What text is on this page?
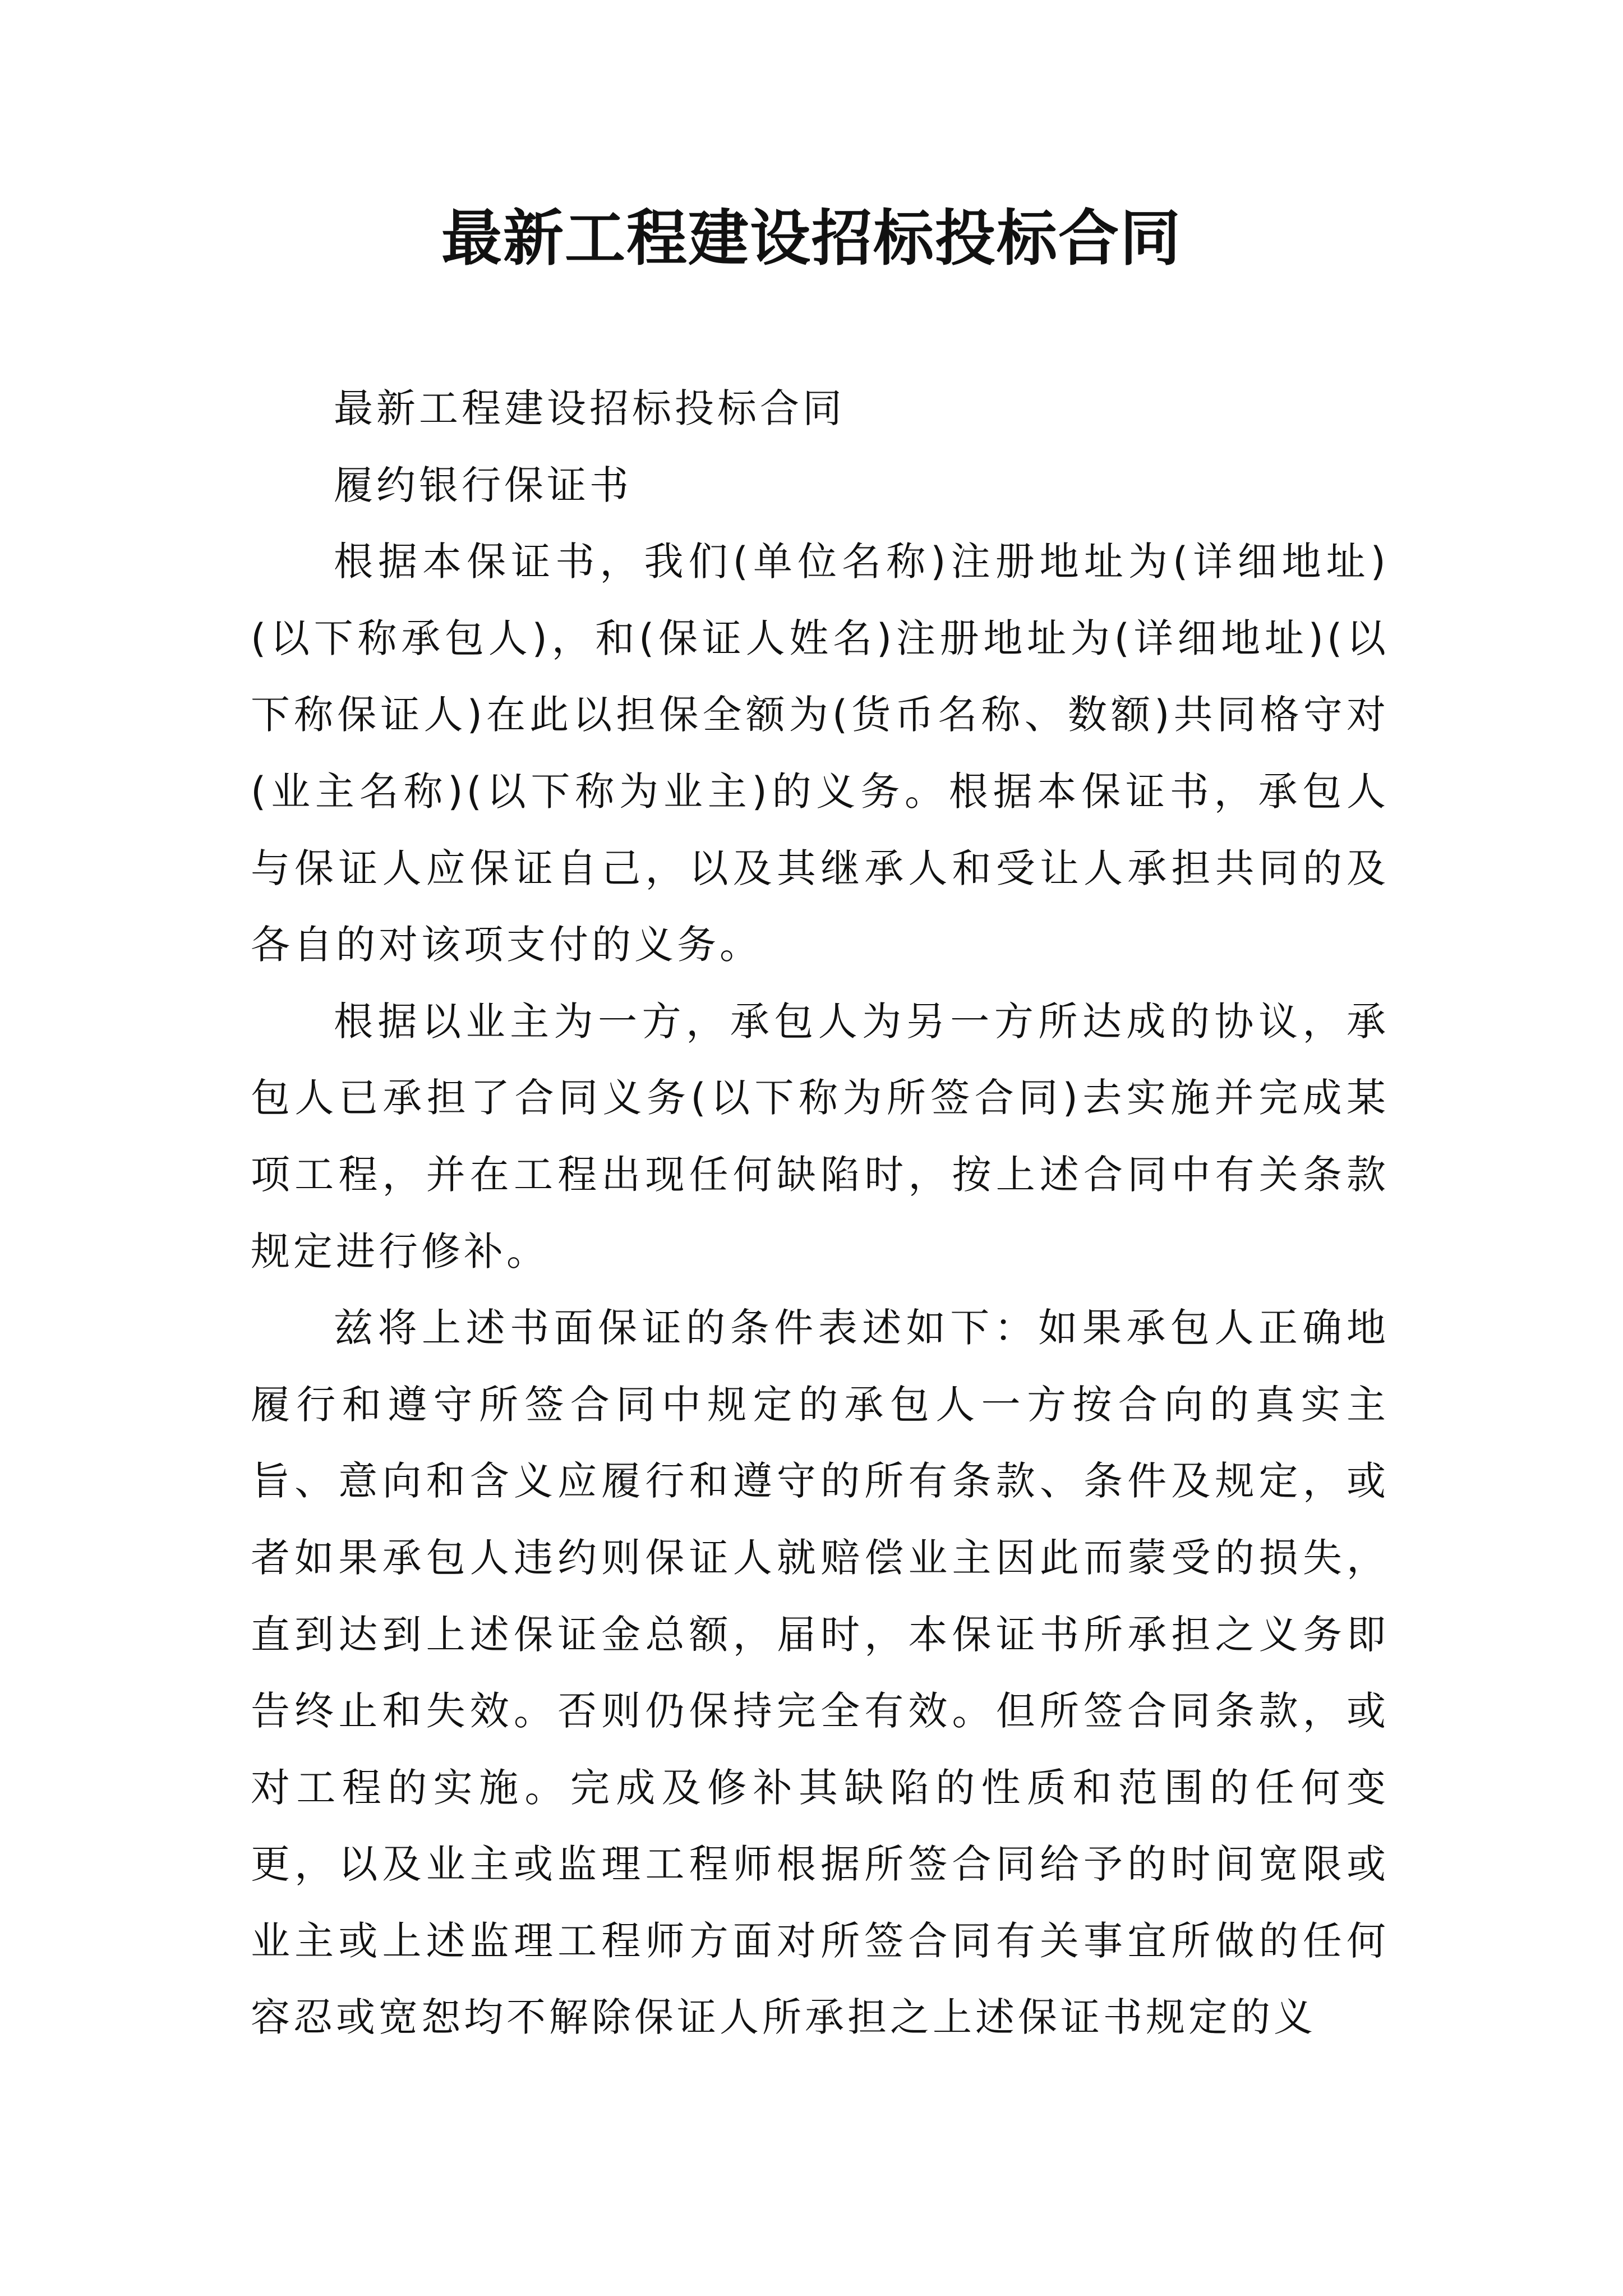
最新工程建设招标投标合同

最新工程建设招标投标合同

履约银行保证书

根据本保证书，我们(单位名称)注册地址为(详细地址)(以下称承包人)，和(保证人姓名)注册地址为(详细地址)(以下称保证人)在此以担保全额为(货币名称、数额)共同格守对(业主名称)(以下称为业主)的义务。根据本保证书，承包人与保证人应保证自己，以及其继承人和受让人承担共同的及各自的对该项支付的义务。

根据以业主为一方，承包人为另一方所达成的协议，承包人已承担了合同义务(以下称为所签合同)去实施并完成某项工程，并在工程出现任何缺陷时，按上述合同中有关条款规定进行修补。

兹将上述书面保证的条件表述如下：如果承包人正确地履行和遵守所签合同中规定的承包人一方按合向的真实主旨、意向和含义应履行和遵守的所有条款、条件及规定，或者如果承包人违约则保证人就赔偿业主因此而蒙受的损失，直到达到上述保证金总额，届时，本保证书所承担之义务即告终止和失效。否则仍保持完全有效。但所签合同条款，或对工程的实施。完成及修补其缺陷的性质和范围的任何变更，以及业主或监理工程师根据所签合同给予的时间宽限或业主或上述监理工程师方面对所签合同有关事宜所做的任何容忍或宽恕均不解除保证人所承担之上述保证书规定的义
